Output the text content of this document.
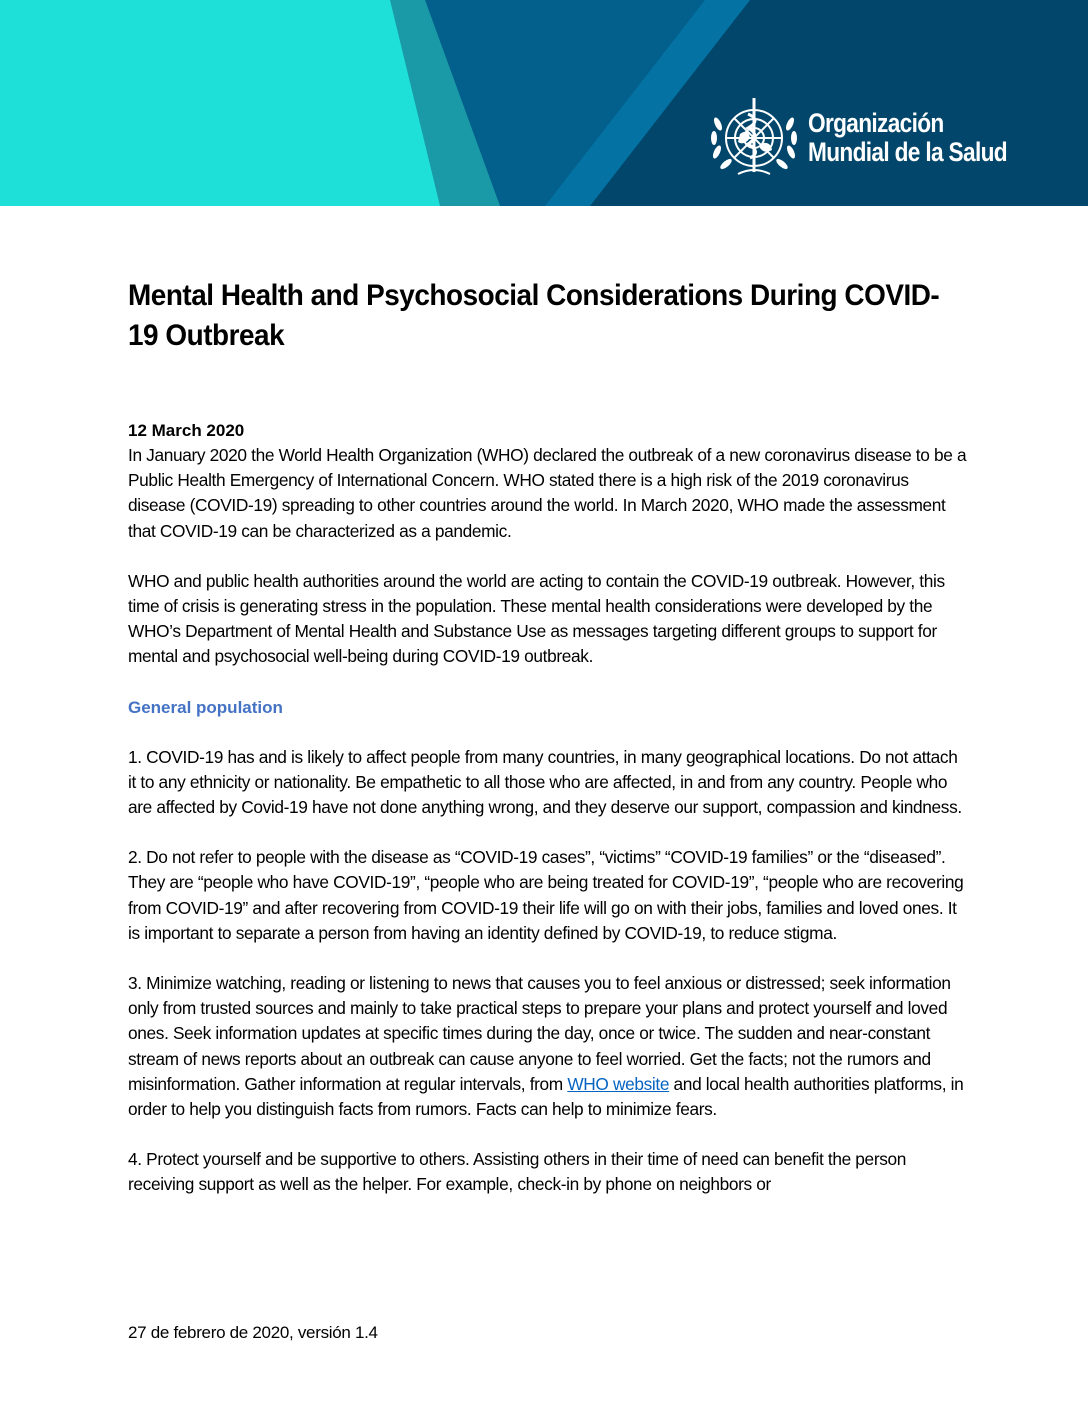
Organización
Mundial de la Salud
Mental Health and Psychosocial Considerations During COVID-19 Outbreak
12 March 2020

In January 2020 the World Health Organization (WHO) declared the outbreak of a new coronavirus disease to be a Public Health Emergency of International Concern. WHO stated there is a high risk of the 2019 coronavirus disease (COVID-19) spreading to other countries around the world. In March 2020, WHO made the assessment that COVID-19 can be characterized as a pandemic.

WHO and public health authorities around the world are acting to contain the COVID-19 outbreak. However, this time of crisis is generating stress in the population. These mental health considerations were developed by the WHO’s Department of Mental Health and Substance Use as messages targeting different groups to support for mental and psychosocial well-being during COVID-19 outbreak.

General population

1. COVID-19 has and is likely to affect people from many countries, in many geographical locations. Do not attach it to any ethnicity or nationality. Be empathetic to all those who are affected, in and from any country. People who are affected by Covid-19 have not done anything wrong, and they deserve our support, compassion and kindness.

2. Do not refer to people with the disease as “COVID-19 cases”, “victims” “COVID-19 families” or the “diseased”. They are “people who have COVID-19”, “people who are being treated for COVID-19”, “people who are recovering from COVID-19” and after recovering from COVID-19 their life will go on with their jobs, families and loved ones. It is important to separate a person from having an identity defined by COVID-19, to reduce stigma.

3. Minimize watching, reading or listening to news that causes you to feel anxious or distressed; seek information only from trusted sources and mainly to take practical steps to prepare your plans and protect yourself and loved ones. Seek information updates at specific times during the day, once or twice. The sudden and near-constant stream of news reports about an outbreak can cause anyone to feel worried. Get the facts; not the rumors and misinformation. Gather information at regular intervals, from WHO website and local health authorities platforms, in order to help you distinguish facts from rumors. Facts can help to minimize fears.

4. Protect yourself and be supportive to others. Assisting others in their time of need can benefit the person receiving support as well as the helper. For example, check-in by phone on neighbors or

27 de febrero de 2020, versión 1.4
